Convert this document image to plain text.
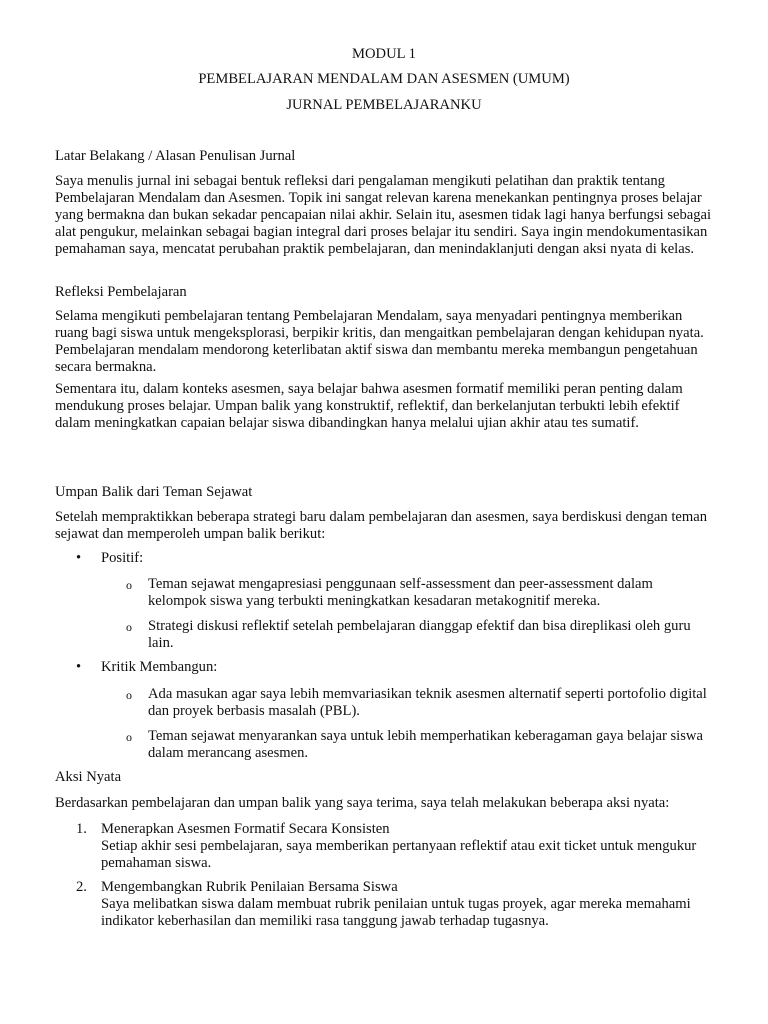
MODUL 1
PEMBELAJARAN MENDALAM DAN ASESMEN (UMUM)
JURNAL PEMBELAJARANKU
Latar Belakang / Alasan Penulisan Jurnal
Saya menulis jurnal ini sebagai bentuk refleksi dari pengalaman mengikuti pelatihan dan praktik tentang Pembelajaran Mendalam dan Asesmen. Topik ini sangat relevan karena menekankan pentingnya proses belajar yang bermakna dan bukan sekadar pencapaian nilai akhir. Selain itu, asesmen tidak lagi hanya berfungsi sebagai alat pengukur, melainkan sebagai bagian integral dari proses belajar itu sendiri. Saya ingin mendokumentasikan pemahaman saya, mencatat perubahan praktik pembelajaran, dan menindaklanjuti dengan aksi nyata di kelas.
Refleksi Pembelajaran
Selama mengikuti pembelajaran tentang Pembelajaran Mendalam, saya menyadari pentingnya memberikan ruang bagi siswa untuk mengeksplorasi, berpikir kritis, dan mengaitkan pembelajaran dengan kehidupan nyata. Pembelajaran mendalam mendorong keterlibatan aktif siswa dan membantu mereka membangun pengetahuan secara bermakna.
Sementara itu, dalam konteks asesmen, saya belajar bahwa asesmen formatif memiliki peran penting dalam mendukung proses belajar. Umpan balik yang konstruktif, reflektif, dan berkelanjutan terbukti lebih efektif dalam meningkatkan capaian belajar siswa dibandingkan hanya melalui ujian akhir atau tes sumatif.
Umpan Balik dari Teman Sejawat
Setelah mempraktikkan beberapa strategi baru dalam pembelajaran dan asesmen, saya berdiskusi dengan teman sejawat dan memperoleh umpan balik berikut:
•	Positif:
o	Teman sejawat mengapresiasi penggunaan self-assessment dan peer-assessment dalam kelompok siswa yang terbukti meningkatkan kesadaran metakognitif mereka.
o	Strategi diskusi reflektif setelah pembelajaran dianggap efektif dan bisa direplikasi oleh guru lain.
•	Kritik Membangun:
o	Ada masukan agar saya lebih memvariasikan teknik asesmen alternatif seperti portofolio digital dan proyek berbasis masalah (PBL).
o	Teman sejawat menyarankan saya untuk lebih memperhatikan keberagaman gaya belajar siswa dalam merancang asesmen.
Aksi Nyata
Berdasarkan pembelajaran dan umpan balik yang saya terima, saya telah melakukan beberapa aksi nyata:
1. Menerapkan Asesmen Formatif Secara Konsisten
Setiap akhir sesi pembelajaran, saya memberikan pertanyaan reflektif atau exit ticket untuk mengukur pemahaman siswa.
2. Mengembangkan Rubrik Penilaian Bersama Siswa
Saya melibatkan siswa dalam membuat rubrik penilaian untuk tugas proyek, agar mereka memahami indikator keberhasilan dan memiliki rasa tanggung jawab terhadap tugasnya.
